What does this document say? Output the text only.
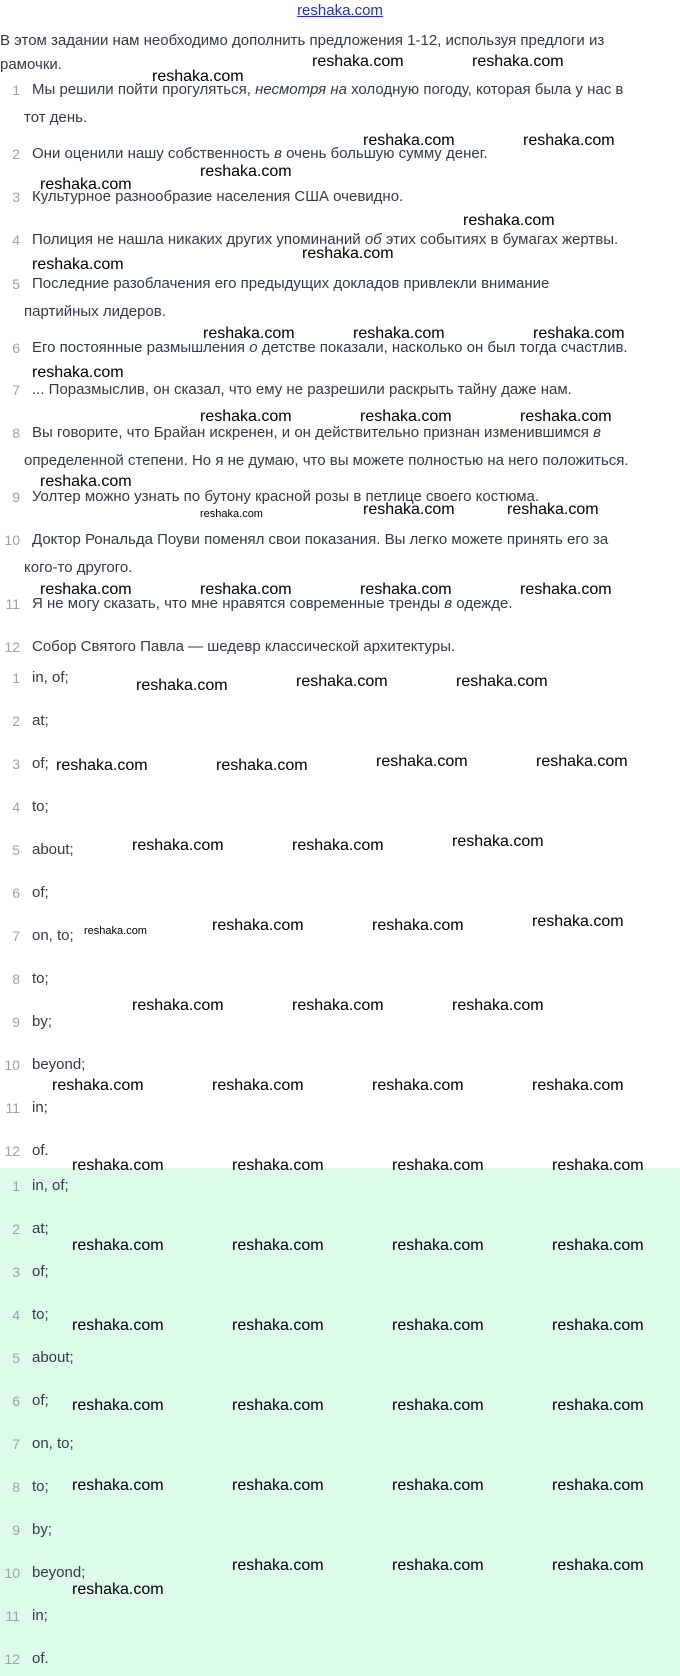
reshaka.com
В этом задании нам необходимо дополнить предложения 1-12, используя предлоги из рамочки.
1 Мы решили пойти прогуляться, несмотря на холодную погоду, которая была у нас в
тот день.
2 Они оценили нашу собственность в очень большую сумму денег.
3 Культурное разнообразие населения США очевидно.
4 Полиция не нашла никаких других упоминаний об этих событиях в бумагах жертвы.
5 Последние разоблачения его предыдущих докладов привлекли внимание
партийных лидеров.
6 Его постоянные размышления о детстве показали, насколько он был тогда счастлив.
7 ... Поразмыслив, он сказал, что ему не разрешили раскрыть тайну даже нам.
8 Вы говорите, что Брайан искренен, и он действительно признан изменившимся в
определенной степени. Но я не думаю, что вы можете полностью на него положиться.
9 Уолтер можно узнать по бутону красной розы в петлице своего костюма.
10 Доктор Рональда Поуви поменял свои показания. Вы легко можете принять его за
кого-то другого.
11 Я не могу сказать, что мне нравятся современные тренды в одежде.
12 Собор Святого Павла — шедевр классической архитектуры.
1 in, of;
2 at;
3 of;
4 to;
5 about;
6 of;
7 on, to;
8 to;
9 by;
10 beyond;
11 in;
12 of.
1 in, of;
2 at;
3 of;
4 to;
5 about;
6 of;
7 on, to;
8 to;
9 by;
10 beyond;
11 in;
12 of.
reshaka.com
reshaka.com	reshaka.com
reshaka.com	reshaka.com
reshaka.com
reshaka.com
reshaka.com
reshaka.com
reshaka.com
reshaka.com	reshaka.com	reshaka.com
reshaka.com
reshaka.com	reshaka.com	reshaka.com
reshaka.com
reshaka.com	reshaka.com
reshaka.com	reshaka.com	reshaka.com	reshaka.com
reshaka.com	reshaka.com	reshaka.com
reshaka.com	reshaka.com	reshaka.com	reshaka.com
reshaka.com	reshaka.com	reshaka.com
reshaka.com	reshaka.com	reshaka.com
reshaka.com	reshaka.com	reshaka.com
reshaka.com	reshaka.com	reshaka.com	reshaka.com
reshaka.com	reshaka.com	reshaka.com	reshaka.com
reshaka.com	reshaka.com	reshaka.com	reshaka.com
reshaka.com	reshaka.com	reshaka.com	reshaka.com
reshaka.com	reshaka.com	reshaka.com	reshaka.com
reshaka.com	reshaka.com	reshaka.com	reshaka.com
reshaka.com	reshaka.com	reshaka.com
reshaka.com
reshaka.com
reshaka.com
